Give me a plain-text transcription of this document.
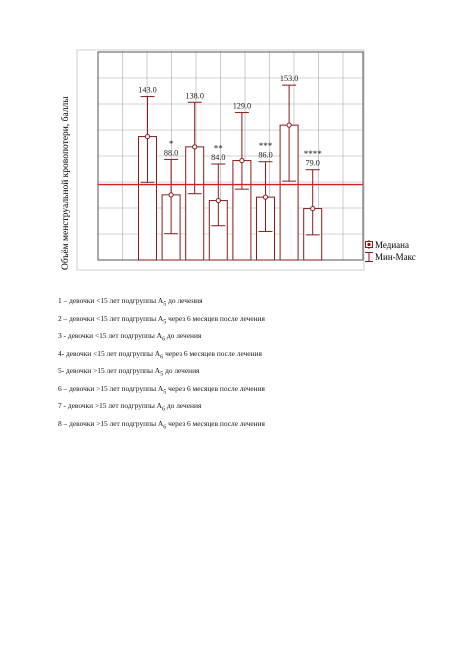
143.0
88.0
*
138.0
84.0
**
129.0
86.0
***
153.0
79.0
****
Объём менструальной кровопотери, баллы	Медиана
Мин-Макс
1 – девочки <15 лет подгруппы $А_5$ до лечения
2 – девочки <15 лет подгруппы $А_5$ через 6 месяцев после лечения
3 - девочки <15 лет подгруппы $А_6$ до лечения
4- девочки <15 лет подгруппы $А_6$ через 6 месяцев после лечения
5- девочки >15 лет подгруппы $А_5$ до лечения
6 – девочки >15 лет подгруппы $А_5$ через 6 месяцев после лечения
7 - девочки >15 лет подгруппы $А_6$ до лечения
8 – девочки >15 лет подгруппы $А_6$ через 6 месяцев после лечения
